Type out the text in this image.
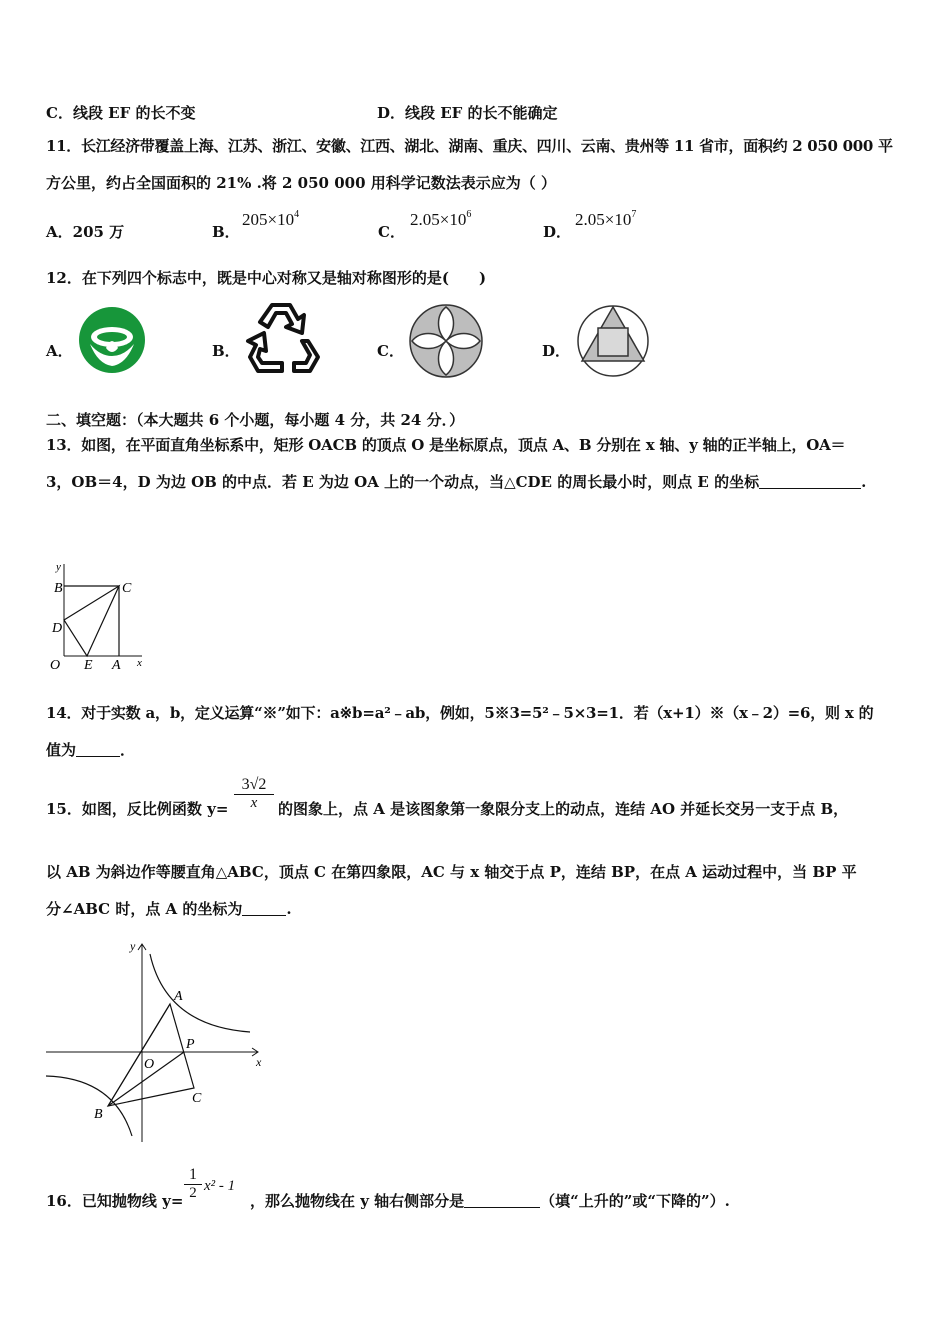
C．线段 EF 的长不变	D．线段 EF 的长不能确定
11．长江经济带覆盖上海、江苏、浙江、安徽、江西、湖北、湖南、重庆、四川、云南、贵州等 11 省市，面积约 2 050 000 平
方公里，约占全国面积的 21% .将 2 050 000 用科学记数法表示应为（ ）
A．205 万	B．
$205\times 10^4$
C．
$2.05\times 10^6$
D．
$2.05\times 10^7$
12．在下列四个标志中，既是中心对称又是轴对称图形的是(　　)
A．	B．	C．	D．
二、填空题：（本大题共 6 个小题，每小题 4 分，共 24 分．）
13．如图，在平面直角坐标系中，矩形 OACB 的顶点 O 是坐标原点，顶点 A、B 分别在 x 轴、y 轴的正半轴上，OA＝
3，OB＝4，D 为边 OB 的中点．若 E 为边 OA 上的一个动点，当△CDE 的周长最小时，则点 E 的坐标	.
y
B	C
D
O E A x
14．对于实数 a，b，定义运算“※”如下：a※b=a²﹣ab，例如，5※3=5²﹣5×3=1．若（x+1）※（x﹣2）=6，则 x 的
值为	．
15．如图，反比例函数 y=
3√2
x	的图象上，点 A 是该图象第一象限分支上的动点，连结 AO 并延长交另一支于点 B，
以 AB 为斜边作等腰直角△ABC，顶点 C 在第四象限，AC 与 x 轴交于点 P，连结 BP，在点 A 运动过程中，当 BP 平
分∠ABC 时，点 A 的坐标为	.
y
A
P
O	x
C
B
16．已知抛物线 y=
1
2 x² - 1
，那么抛物线在 y 轴右侧部分是	（填“上升的”或“下降的”）.
